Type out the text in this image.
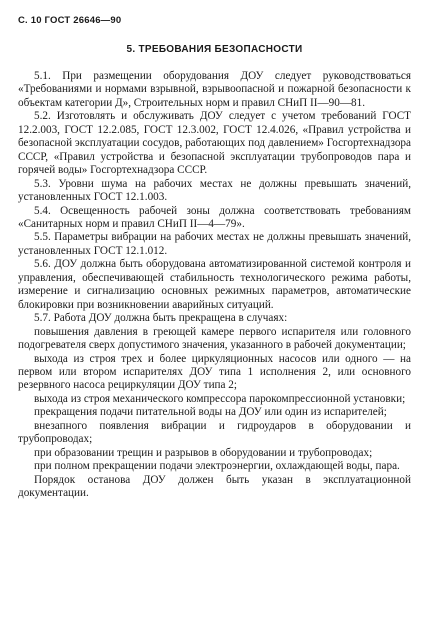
С. 10 ГОСТ 26646—90
5. ТРЕБОВАНИЯ БЕЗОПАСНОСТИ

5.1. При размещении оборудования ДОУ следует руководствоваться «Требованиями и нормами взрывной, взрывоопасной и пожарной безопасности к объектам категории Д», Строительных норм и правил СНиП II—90—81.

5.2. Изготовлять и обслуживать ДОУ следует с учетом требований ГОСТ 12.2.003, ГОСТ 12.2.085, ГОСТ 12.3.002, ГОСТ 12.4.026, «Правил устройства и безопасной эксплуатации сосудов, работающих под давлением» Госгортехнадзора СССР, «Правил устройства и безопасной эксплуатации трубопроводов пара и горячей воды» Госгортехнадзора СССР.

5.3. Уровни шума на рабочих местах не должны превышать значений, установленных ГОСТ 12.1.003.

5.4. Освещенность рабочей зоны должна соответствовать требованиям «Санитарных норм и правил СНиП II—4—79».

5.5. Параметры вибрации на рабочих местах не должны превышать значений, установленных ГОСТ 12.1.012.

5.6. ДОУ должна быть оборудована автоматизированной системой контроля и управления, обеспечивающей стабильность технологического режима работы, измерение и сигнализацию основных режимных параметров, автоматические блокировки при возникновении аварийных ситуаций.

5.7. Работа ДОУ должна быть прекращена в случаях:

повышения давления в греющей камере первого испарителя или головного подогревателя сверх допустимого значения, указанного в рабочей документации;

выхода из строя трех и более циркуляционных насосов или одного — на первом или втором испарителях ДОУ типа 1 исполнения 2, или основного резервного насоса рециркуляции ДОУ типа 2;

выхода из строя механического компрессора парокомпрессионной установки;

прекращения подачи питательной воды на ДОУ или один из испарителей;

внезапного появления вибрации и гидроударов в оборудовании и трубопроводах;

при образовании трещин и разрывов в оборудовании и трубопроводах;

при полном прекращении подачи электроэнергии, охлаждающей воды, пара.

Порядок останова ДОУ должен быть указан в эксплуатационной документации.
